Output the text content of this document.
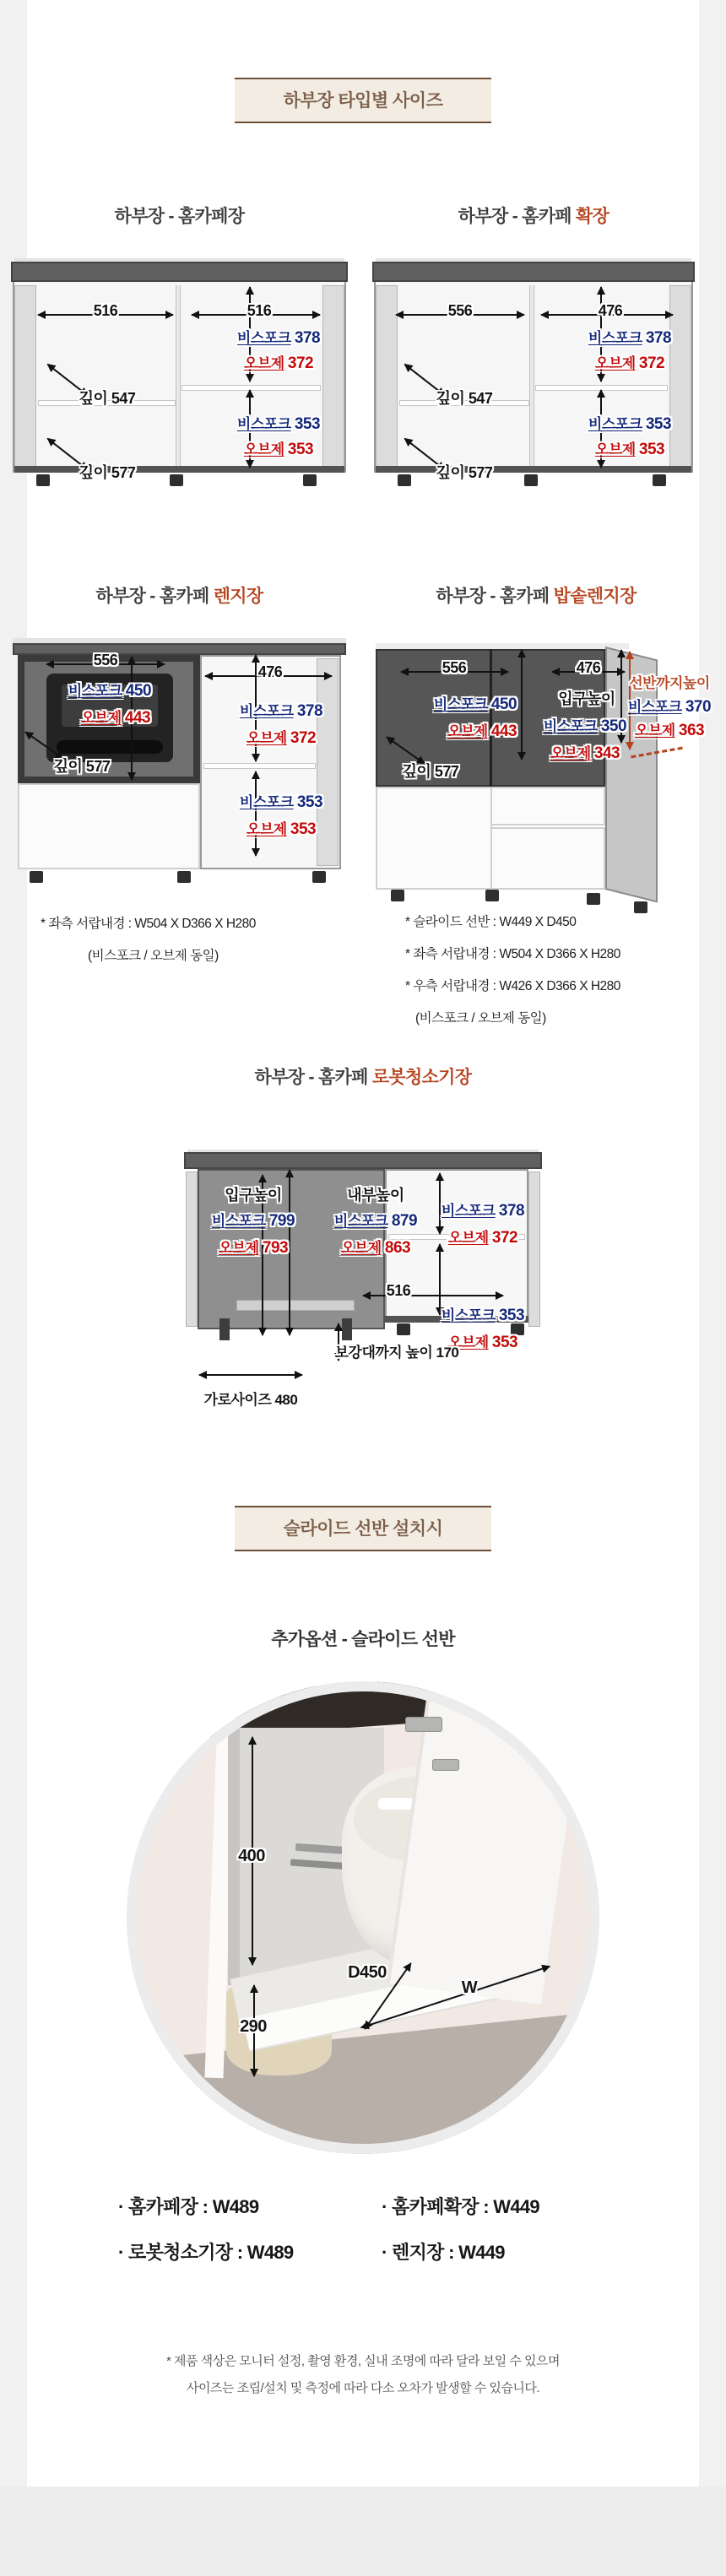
하부장 타입별 사이즈
하부장 - 홈카페장	하부장 - 홈카페 확장
516	516
비스포크 378
오브제 372
깊이 547
비스포크 353
오브제 353
깊이 577
556	476
비스포크 378
오브제 372
깊이 547
비스포크 353
오브제 353
깊이 577
하부장 - 홈카페 렌지장	하부장 - 홈카페 밥솥렌지장
556
비스포크 450
오브제 443
깊이 577
476
비스포크 378
오브제 372
비스포크 353
오브제 353
556	476
비스포크 450
오브제 443
입구높이
비스포크 350
오브제 343
선반까지높이
비스포크 370
오브제 363
깊이 577
* 좌측 서랍내경 : W504 X D366 X H280
(비스포크 / 오브제 동일)
* 슬라이드 선반 : W449 X D450
* 좌측 서랍내경 : W504 X D366 X H280
* 우측 서랍내경 : W426 X D366 X H280
(비스포크 / 오브제 동일)
하부장 - 홈카페 로봇청소기장
입구높이
비스포크 799
오브제 793
내부높이
비스포크 879
오브제 863
비스포크 378
오브제 372
516
비스포크 353
오브제 353
보강대까지 높이 170
가로사이즈 480
슬라이드 선반 설치시
추가옵션 - 슬라이드 선반
400
290
D450
W
· 홈카페장 : W489	· 홈카페확장 : W449
· 로봇청소기장 : W489	· 렌지장 : W449
* 제품 색상은 모니터 설정, 촬영 환경, 실내 조명에 따라 달라 보일 수 있으며
사이즈는 조립/설치 및 측정에 따라 다소 오차가 발생할 수 있습니다.
